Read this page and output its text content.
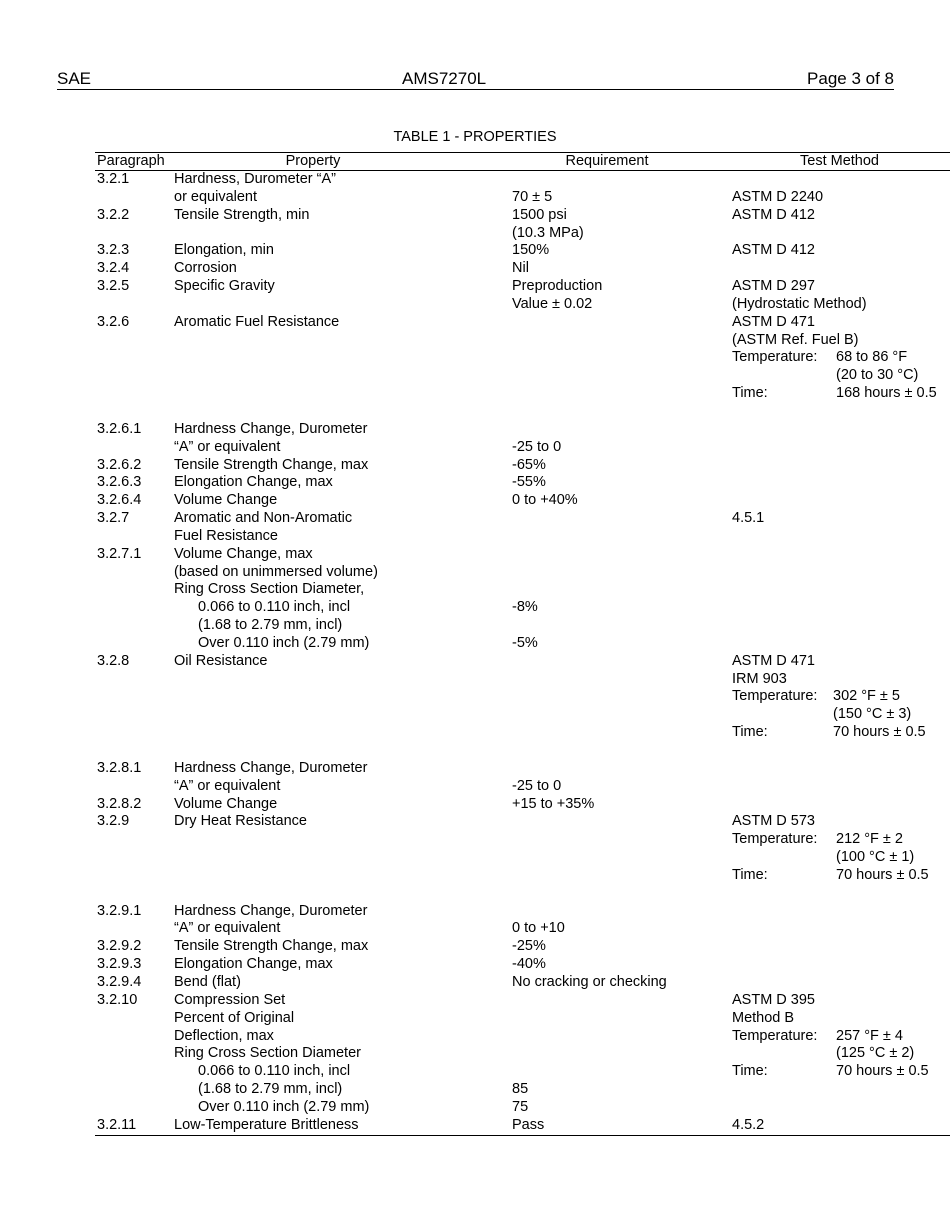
SAE	AMS7270L	Page 3 of 8
TABLE 1 - PROPERTIES
Paragraph	Property	Requirement	Test Method
3.2.1	Hardness, Durometer “A”		
	or equivalent	70 ± 5	ASTM D 2240
3.2.2	Tensile Strength, min	1500 psi	ASTM D 412
		(10.3 MPa)	
3.2.3	Elongation, min	150%	ASTM D 412
3.2.4	Corrosion	Nil	
3.2.5	Specific Gravity	Preproduction	ASTM D 297
		Value ± 0.02	(Hydrostatic Method)
3.2.6	Aromatic Fuel Resistance		ASTM D 471
			(ASTM Ref. Fuel B)
			Temperature: 68 to 86 °F
			(20 to 30 °C)
			Time: 168 hours ± 0.5

3.2.6.1	Hardness Change, Durometer		
	“A” or equivalent	-25 to 0	
3.2.6.2	Tensile Strength Change, max	-65%	
3.2.6.3	Elongation Change, max	-55%	
3.2.6.4	Volume Change	0 to +40%	
3.2.7	Aromatic and Non-Aromatic		4.5.1
	Fuel Resistance		
3.2.7.1	Volume Change, max		
	(based on unimmersed volume)		
	Ring Cross Section Diameter,		
	0.066 to 0.110 inch, incl	-8%	
	(1.68 to 2.79 mm, incl)		
	Over 0.110 inch (2.79 mm)	-5%	
3.2.8	Oil Resistance		ASTM D 471
			IRM 903
			Temperature: 302 °F ± 5
			(150 °C ± 3)
			Time: 70 hours ± 0.5

3.2.8.1	Hardness Change, Durometer		
	“A” or equivalent	-25 to 0	
3.2.8.2	Volume Change	+15 to +35%	
3.2.9	Dry Heat Resistance		ASTM D 573
			Temperature: 212 °F ± 2
			(100 °C ± 1)
			Time: 70 hours ± 0.5

3.2.9.1	Hardness Change, Durometer		
	“A” or equivalent	0 to +10	
3.2.9.2	Tensile Strength Change, max	-25%	
3.2.9.3	Elongation Change, max	-40%	
3.2.9.4	Bend (flat)	No cracking or checking	
3.2.10	Compression Set		ASTM D 395
	Percent of Original		Method B
	Deflection, max		Temperature: 257 °F ± 4
	Ring Cross Section Diameter		(125 °C ± 2)
	0.066 to 0.110 inch, incl		Time: 70 hours ± 0.5
	(1.68 to 2.79 mm, incl)	85	
	Over 0.110 inch (2.79 mm)	75	
3.2.11	Low-Temperature Brittleness	Pass	4.5.2
